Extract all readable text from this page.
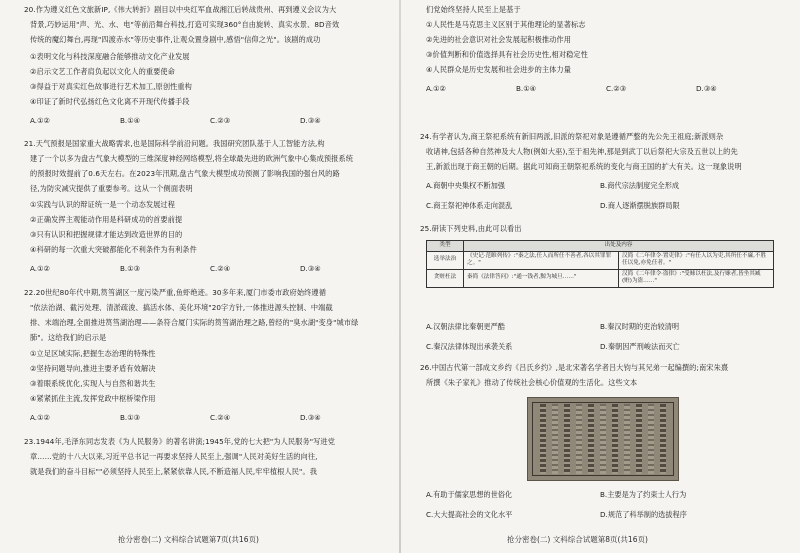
20.作为遵义红色文旅新IP,《伟大转折》剧目以中央红军血战湘江后转战贵州、再到遵义会议为大
背景,巧妙运用"声、光、水、电"等前沿舞台科技,打造可实现360°自由旋转、真实水景、8D音效
传统的魔幻舞台,再现"四渡赤水"等历史事件,让观众置身剧中,感悟"信仰之光"。该剧的成功
①表明文化与科技深度融合能够推动文化产业发展
②启示文艺工作者肩负起以文化人的重要使命
③得益于对真实红色故事进行艺术加工,原创性重构
④印证了新时代弘扬红色文化离不开现代传播手段
A.①②	B.①④	C.②③	D.③④
21.天气预报是国家重大战略需求,也是国际科学前沿问题。我国研究团队基于人工智能方法,构
建了一个以多为盘古气象大模型的三维深度神经网络模型,将全球最先进的欧洲气象中心集成预报系统
的预报时效提前了0.6天左右。在2023年汛期,盘古气象大模型成功预测了影响我国的强台风的路
径,为防灾减灾提供了重要参考。这从一个侧面表明
①实践与认识的辩证统一是一个动态发展过程
②正确发挥主观能动作用是科研成功的首要前提
③只有认识和把握规律才能达到改造世界的目的
④科研的每一次重大突破都能化不利条件为有利条件
A.①②	B.①③	C.②④	D.③④
22.20世纪80年代中期,筼筜湖区一度污染严重,鱼虾绝迹。30多年来,厦门市委市政府始终遵循
"依法治湖、截污处理、清淤疏浚、搞活水体、美化环境"20字方针,一体推进源头控制、中端截
排、末端治理,全面推进筼筜湖治理——条符合厦门实际的筼筜湖治理之路,曾经的"臭水湖"变身"城市绿
肺"。这给我们的启示是
①立足区域实际,把握生态治理的特殊性
②坚持问题导向,推进主要矛盾有效解决
③着眼系统优化,实现人与自然和谐共生
④紧紧抓住主流,发挥党政中枢桥梁作用
A.①②	B.①③	C.②④	D.③④
23.1944年,毛泽东同志发表《为人民服务》的著名讲演;1945年,党的七大把"为人民服务"写进党
章……党的十八大以来,习近平总书记一再要求坚持人民至上,强调"人民对美好生活的向往,
就是我们的奋斗目标""必须坚持人民至上,紧紧依靠人民,不断造福人民,牢牢植根人民"。我
抢分密卷(二) 文科综合试题第7页(共16页)
们党始终坚持人民至上是基于
①人民性是马克思主义区别于其他理论的显著标志
②先进的社会意识对社会发展起积极推动作用
③价值判断和价值选择具有社会历史性,相对稳定性
④人民群众是历史发展和社会进步的主体力量
A.①②	B.①④	C.②③	D.③④
24.有学者认为,商王祭祀系统有新旧两派,旧派的祭祀对象是遵循严整的先公先王祖庭;新派则杂
收诸神,包括各种自然神及大人物(例如大巫),至于祖先神,那是到武丁以后祭祀大宗及五世以上的先
王,新派出现于商王朝的后期。据此可知商王朝祭祀系统的变化与商王国的扩大有关。这一现象说明
A.商朝中央集权不断加强	B.商代宗法制度完全形成
C.商王祭祀神体系走向混乱	D.商人逐渐摆脱族群局限
25.研读下列史料,由此可以看出
类型	出处及内容	
选举法治	《史记·范睢列传》:"秦之法,任人而所任不善者,各以其罪罪之。"	汉简《二年律令·置吏律》:"有任人以为吏,其所任不廉,不胜任以免,亦免任者。"
贪赃枉法	秦简《法律答问》:"通一钱者,黥为城旦……"	汉简《二年律令·盗律》:"受赇以枉法,及行赇者,皆坐其臧(赃)为盗……"
A.汉朝法律比秦朝更严酷	B.秦汉时期的吏治较清明
C.秦汉法律体现出承袭关系	D.秦朝因严刑峻法而灭亡
26.中国古代第一部成文乡约《吕氏乡约》,是北宋著名学者吕大钧与其兄弟一起编撰的;南宋朱熹
所撰《朱子家礼》推动了传统社会核心价值观的生活化。这些文本
A.有助于儒家思想的世俗化	B.主要是为了约束士人行为
C.大大提高社会的文化水平	D.规范了科举制的选拔程序
抢分密卷(二) 文科综合试题第8页(共16页)
